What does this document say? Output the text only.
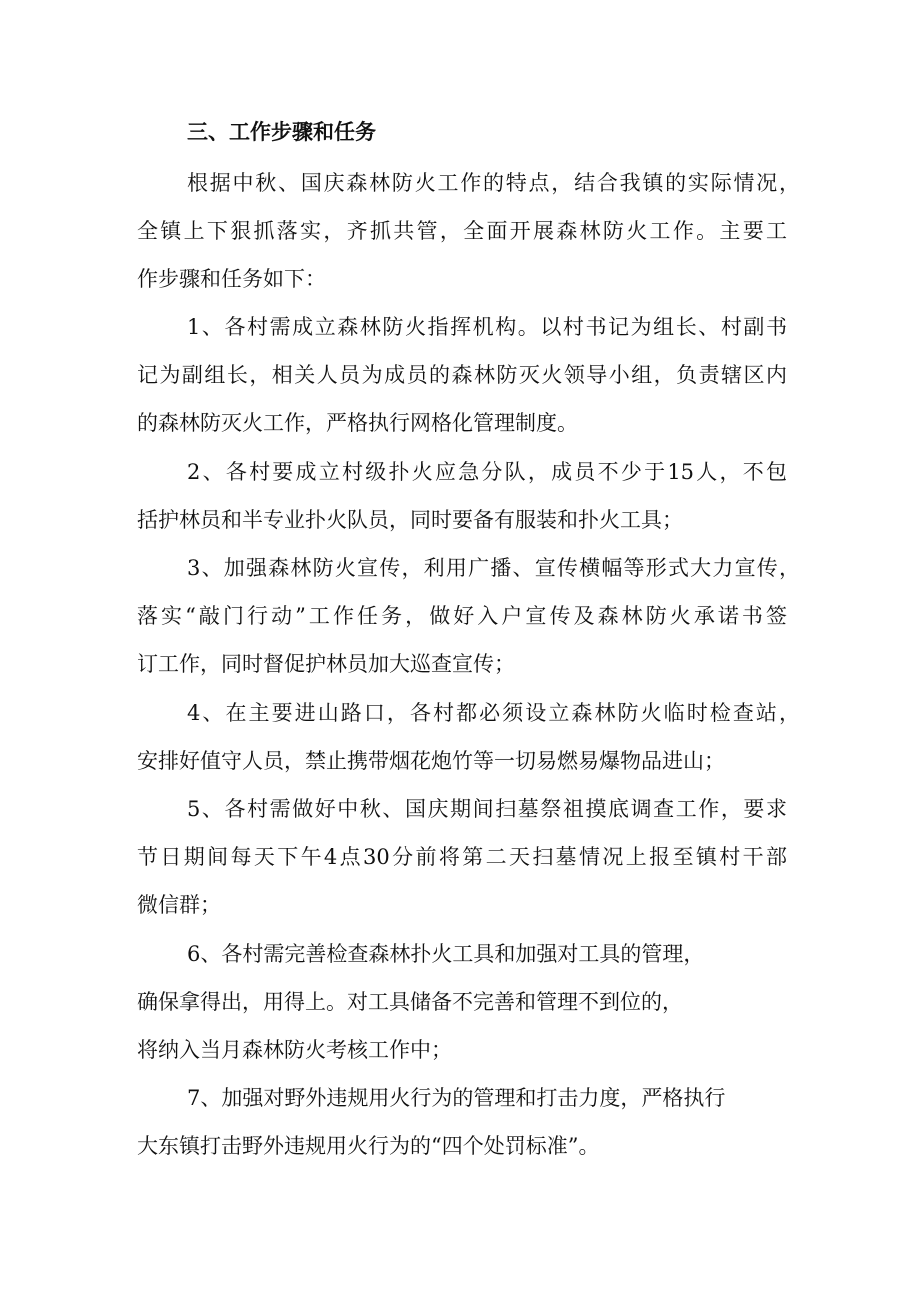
三、工作步骤和任务
根据中秋、国庆森林防火工作的特点，结合我镇的实际情况，
全镇上下狠抓落实，齐抓共管，全面开展森林防火工作。主要工
作步骤和任务如下：
1、各村需成立森林防火指挥机构。以村书记为组长、村副书
记为副组长，相关人员为成员的森林防灭火领导小组，负责辖区内
的森林防灭火工作，严格执行网格化管理制度。
2、各村要成立村级扑火应急分队，成员不少于15人，不包
括护林员和半专业扑火队员，同时要备有服装和扑火工具；
3、加强森林防火宣传，利用广播、宣传横幅等形式大力宣传，
落实“敲门行动”工作任务，做好入户宣传及森林防火承诺书签
订工作，同时督促护林员加大巡查宣传；
4、在主要进山路口，各村都必须设立森林防火临时检查站，
安排好值守人员，禁止携带烟花炮竹等一切易燃易爆物品进山；
5、各村需做好中秋、国庆期间扫墓祭祖摸底调查工作，要求
节日期间每天下午4点30分前将第二天扫墓情况上报至镇村干部
微信群；
6、各村需完善检查森林扑火工具和加强对工具的管理，
确保拿得出，用得上。对工具储备不完善和管理不到位的，
将纳入当月森林防火考核工作中；
7、加强对野外违规用火行为的管理和打击力度，严格执行
大东镇打击野外违规用火行为的“四个处罚标准”。
